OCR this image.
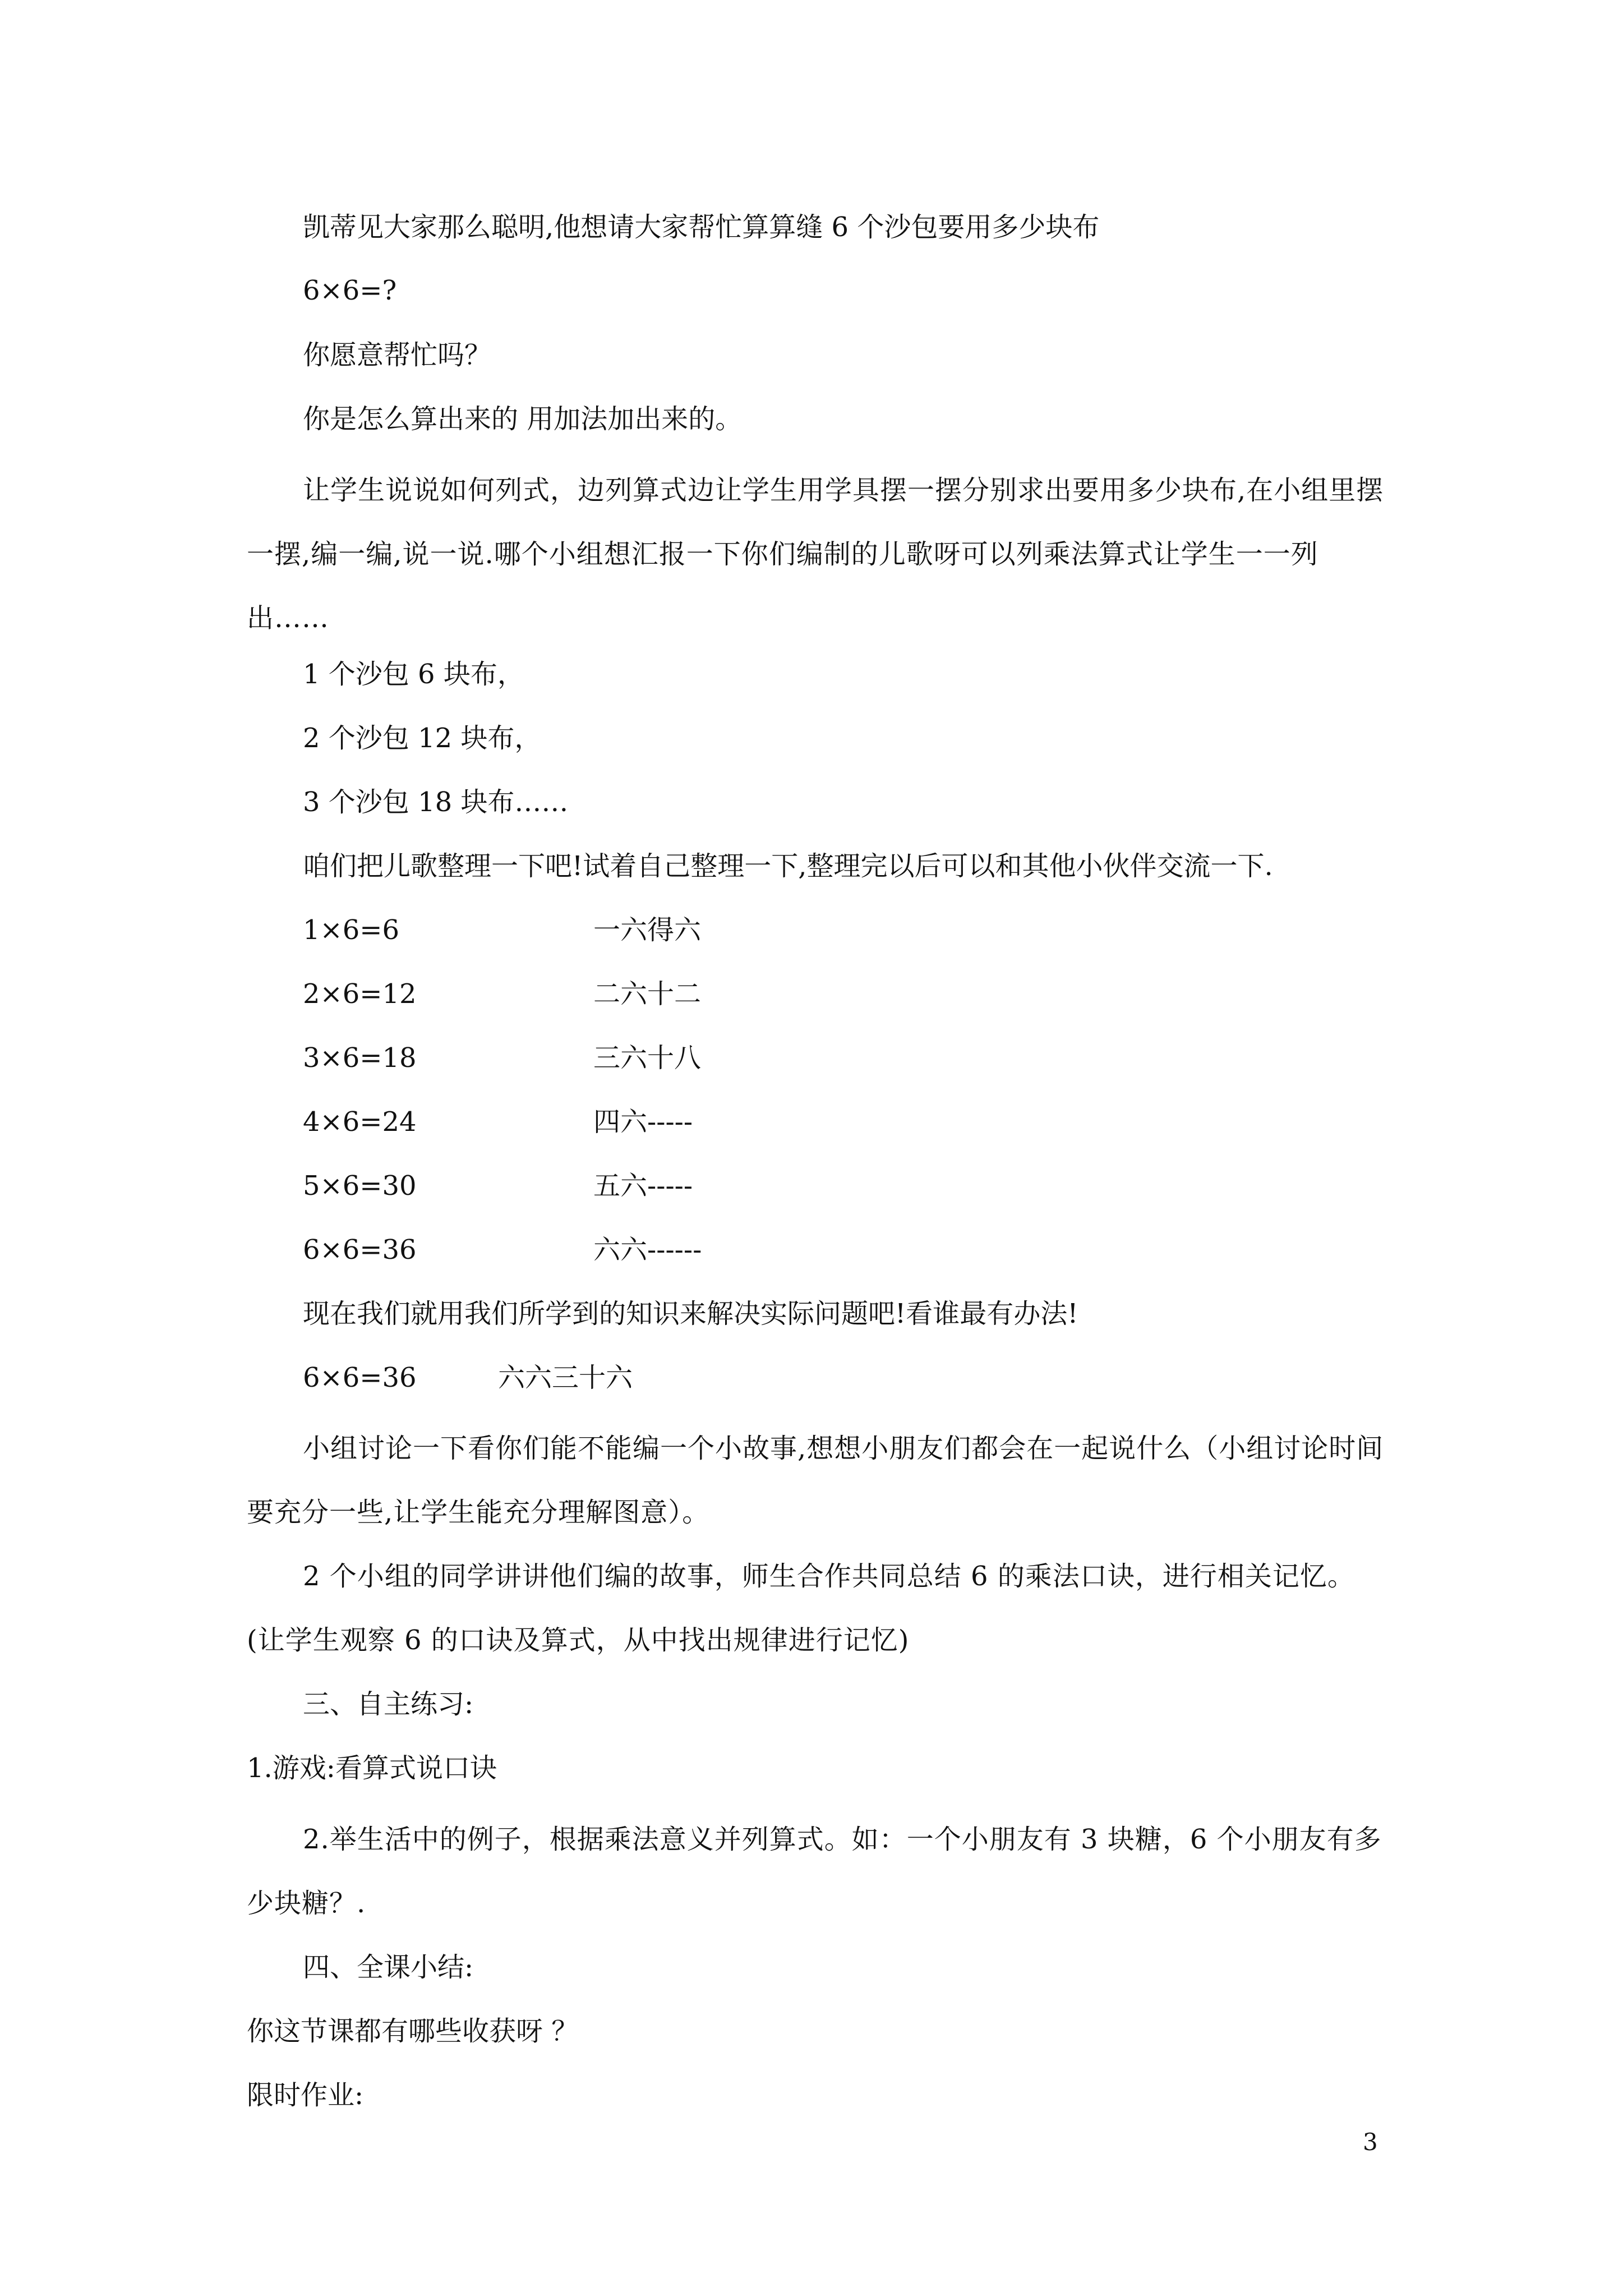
凯蒂见大家那么聪明,他想请大家帮忙算算缝 6 个沙包要用多少块布
6×6=?
你愿意帮忙吗？
你是怎么算出来的 用加法加出来的。
让学生说说如何列式，边列算式边让学生用学具摆一摆分别求出要用多少块布,在小组里摆一摆,编一编,说一说.哪个小组想汇报一下你们编制的儿歌呀可以列乘法算式让学生一一列出……
1 个沙包 6 块布，
2 个沙包 12 块布，
3 个沙包 18 块布……
咱们把儿歌整理一下吧!试着自己整理一下,整理完以后可以和其他小伙伴交流一下.
1×6=6	一六得六
2×6=12	二六十二
3×6=18	三六十八
4×6=24	四六-----
5×6=30	五六-----
6×6=36	六六------
现在我们就用我们所学到的知识来解决实际问题吧!看谁最有办法!
6×6=36	六六三十六
小组讨论一下看你们能不能编一个小故事,想想小朋友们都会在一起说什么（小组讨论时间要充分一些,让学生能充分理解图意）。
2 个小组的同学讲讲他们编的故事，师生合作共同总结 6 的乘法口诀，进行相关记忆。(让学生观察 6 的口诀及算式，从中找出规律进行记忆)
三、自主练习:
1.游戏:看算式说口诀
2.举生活中的例子，根据乘法意义并列算式。如：一个小朋友有 3 块糖，6 个小朋友有多少块糖？.
四、全课小结:
你这节课都有哪些收获呀 ？
限时作业:
3
